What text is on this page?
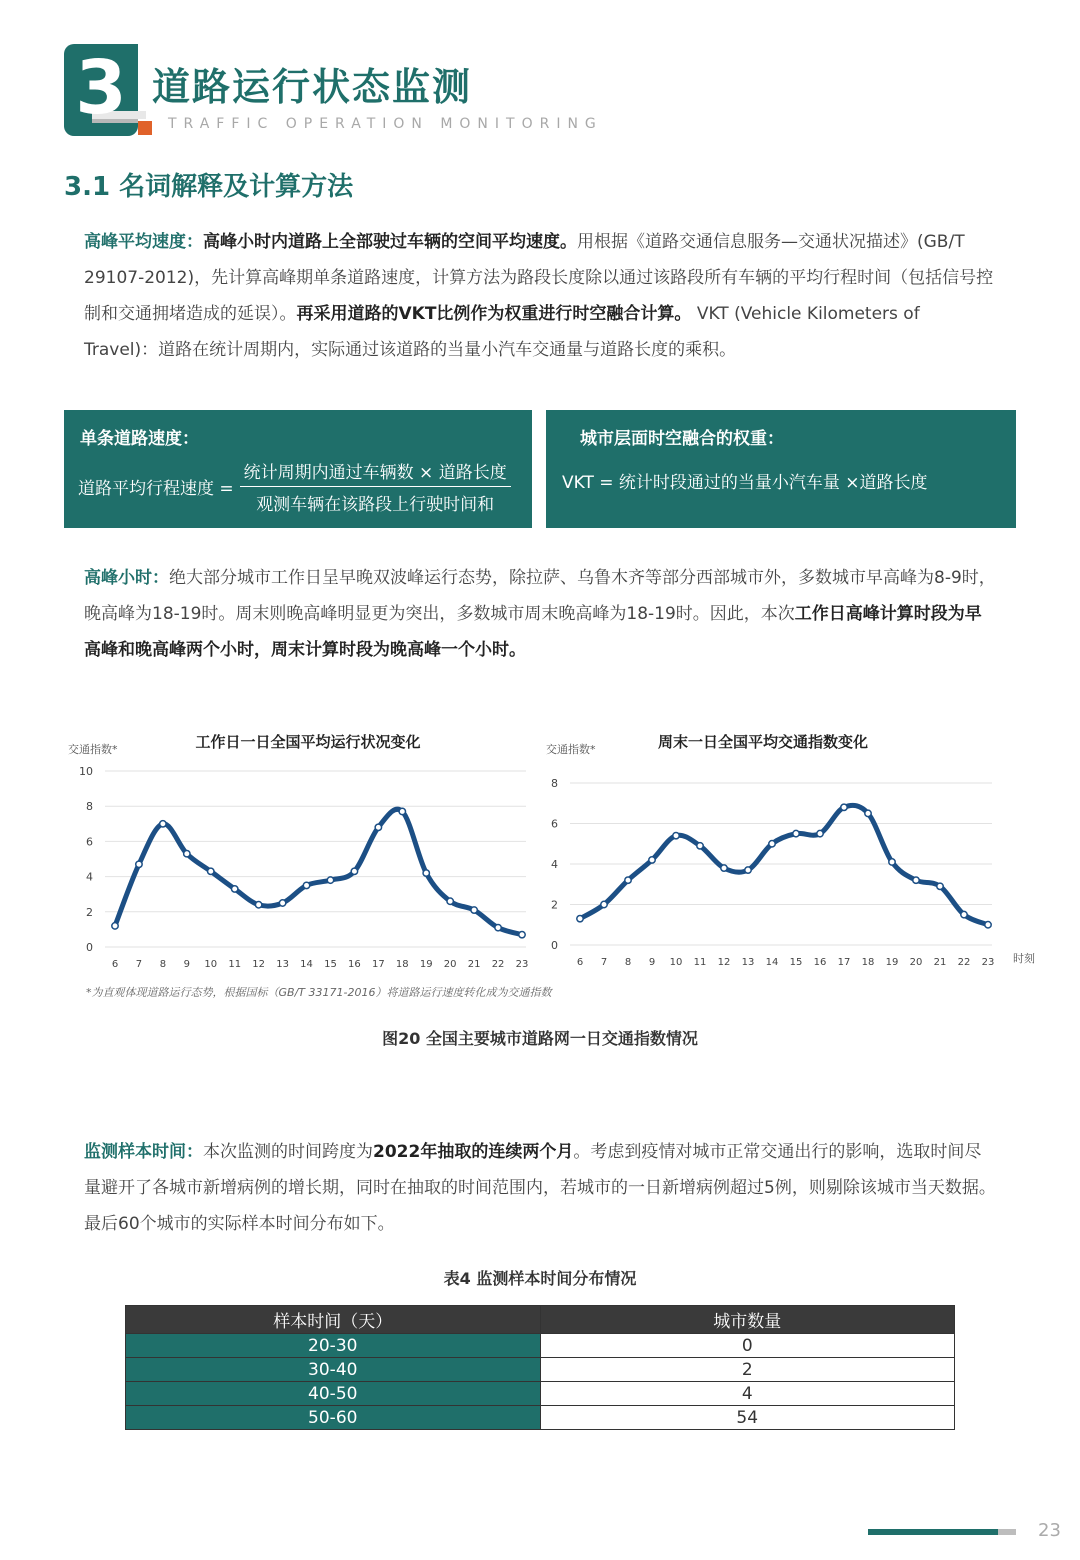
3 道路运行状态监测
TRAFFIC OPERATION MONITORING
3.1 名词解释及计算方法
高峰平均速度：高峰小时内道路上全部驶过车辆的空间平均速度。用根据《道路交通信息服务—交通状况描述》(GB/T 29107-2012)，先计算高峰期单条道路速度，计算方法为路段长度除以通过该路段所有车辆的平均行程时间（包括信号控制和交通拥堵造成的延误）。再采用道路的VKT比例作为权重进行时空融合计算。 VKT (Vehicle Kilometers of Travel)：道路在统计周期内，实际通过该道路的当量小汽车交通量与道路长度的乘积。
单条道路速度：
道路平均行程速度 = $\frac{\text{统计周期内通过车辆数 × 道路长度}}{\text{观测车辆在该路段上行驶时间和}}$
城市层面时空融合的权重：
VKT = 统计时段通过的当量小汽车量 ×道路长度
高峰小时：绝大部分城市工作日呈早晚双波峰运行态势，除拉萨、乌鲁木齐等部分西部城市外，多数城市早高峰为8-9时，晚高峰为18-19时。周末则晚高峰明显更为突出，多数城市周末晚高峰为18-19时。因此，本次工作日高峰计算时段为早高峰和晚高峰两个小时，周末计算时段为晚高峰一个小时。
工作日一日全国平均运行状况变化
交通指数*
0
2
4
6
8
10
6 7 8 9 10 11 12 13 14 15 16 17 18 19 20 21 22 23
周末一日全国平均交通指数变化
交通指数*
时刻
0
2
4
6
8
6 7 8 9 10 11 12 13 14 15 16 17 18 19 20 21 22 23
*为直观体现道路运行态势，根据国标（GB/T 33171-2016）将道路运行速度转化成为交通指数
图20 全国主要城市道路网一日交通指数情况
监测样本时间：本次监测的时间跨度为2022年抽取的连续两个月。考虑到疫情对城市正常交通出行的影响，选取时间尽量避开了各城市新增病例的增长期，同时在抽取的时间范围内，若城市的一日新增病例超过5例，则剔除该城市当天数据。最后60个城市的实际样本时间分布如下。
表4 监测样本时间分布情况
样本时间（天）	城市数量
20-30	0
30-40	2
40-50	4
50-60	54
23
